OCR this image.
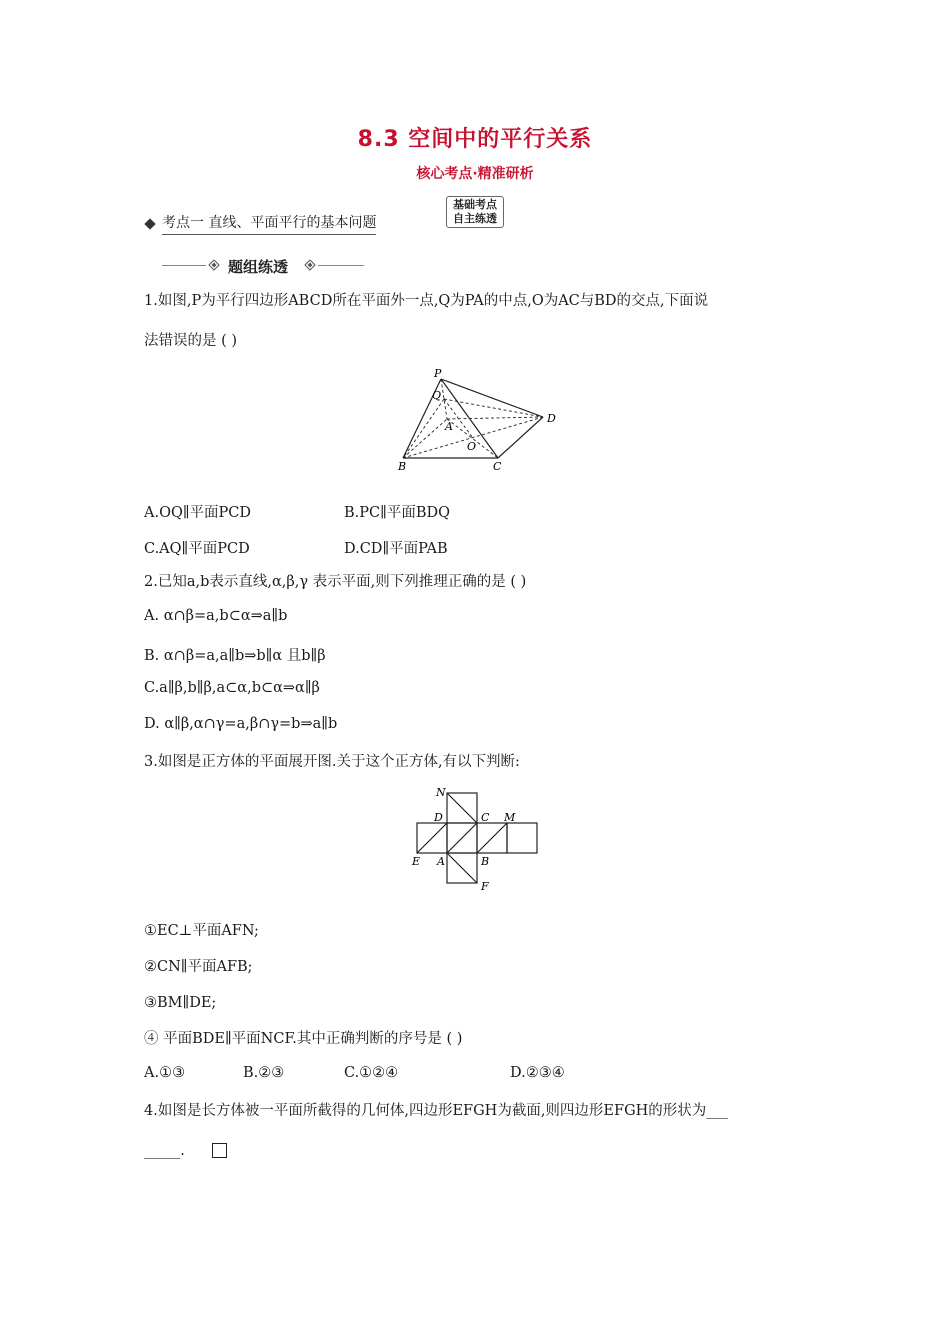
8.3 空间中的平行关系
核心考点·精准研析
考点一 直线、平面平行的基本问题
基础考点
自主练透
题组练透
1.如图,P为平行四边形ABCD所在平面外一点,Q为PA的中点,O为AC与BD的交点,下面说
法错误的是 ( )
P
Q
A
O
B	C
D
A.OQ∥平面PCD	B.PC∥平面BDQ
C.AQ∥平面PCD	D.CD∥平面PAB
2.已知a,b表示直线,α,β,γ 表示平面,则下列推理正确的是 ( )
A. α∩β=a,b⊂α⇒a∥b
B. α∩β=a,a∥b⇒b∥α 且b∥β
C.a∥β,b∥β,a⊂α,b⊂α⇒α∥β
D. α∥β,α∩γ=a,β∩γ=b⇒a∥b
3.如图是正方体的平面展开图.关于这个正方体,有以下判断:
N
D	C M
E A	B
F
①EC⊥平面AFN;
②CN∥平面AFB;
③BM∥DE;
④ 平面BDE∥平面NCF.其中正确判断的序号是 ( )
A.①③	B.②③	C.①②④	D.②③④
4.如图是长方体被一平面所截得的几何体,四边形EFGH为截面,则四边形EFGH的形状为___
_____.
